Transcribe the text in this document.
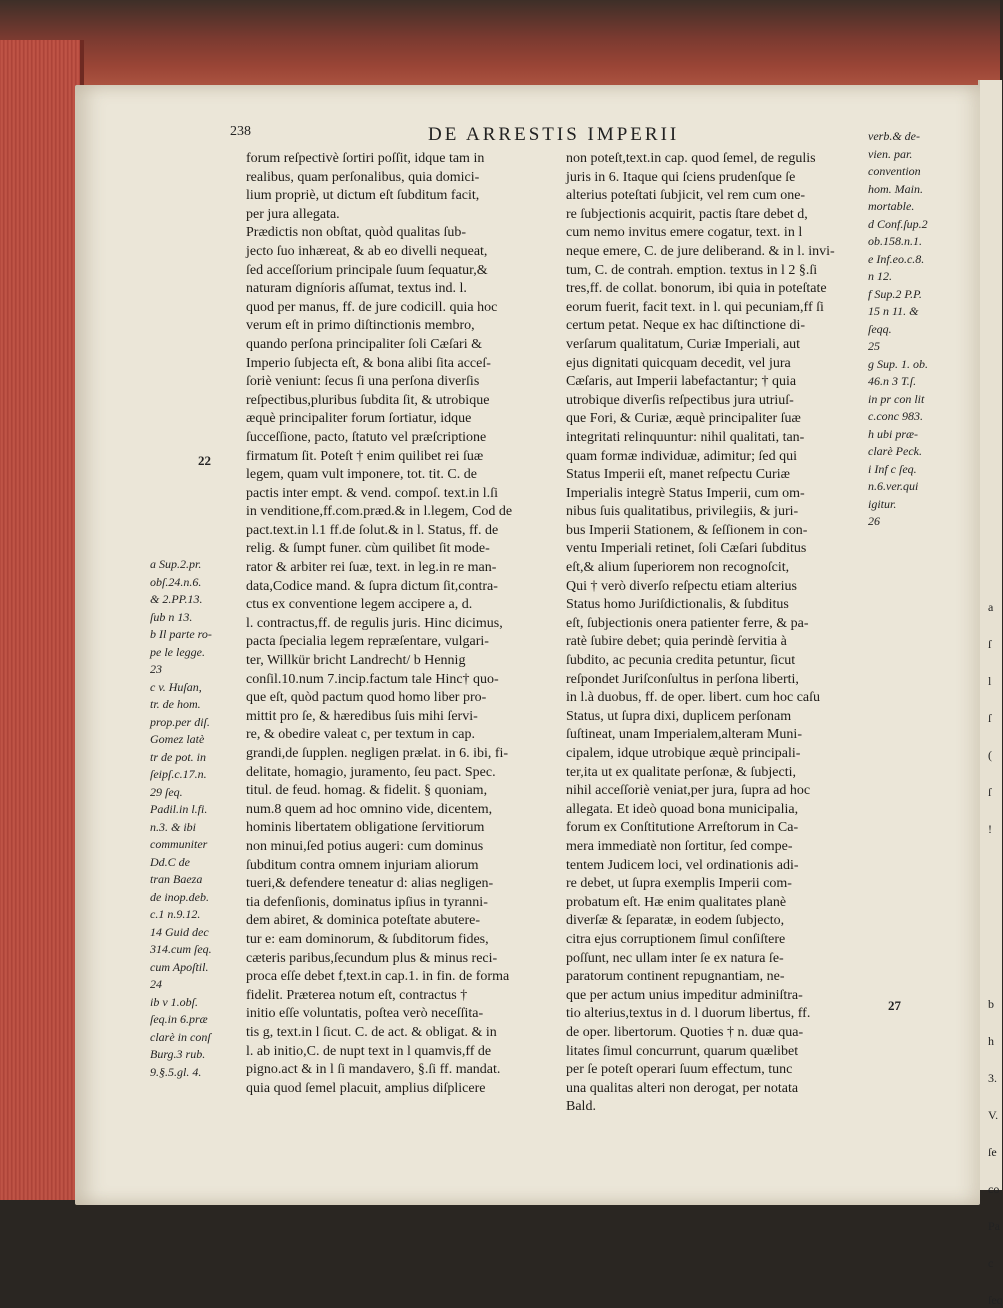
a
ſ
l
ſ
(
ſ
!
b
h
3.
V.
ſe
co
Pa
c
ſeq
238	DE ARRESTIS IMPERII
forum reſpectivè ſortiri poſſit, idque tam in
realibus, quam perſonalibus, quia domici-
lium propriè, ut dictum eſt ſubditum facit,
per jura allegata.
Prædictis non obſtat, quòd qualitas ſub-
jecto ſuo inhæreat, & ab eo divelli nequeat,
ſed acceſſorium principale ſuum ſequatur,&
naturam digníoris aſſumat, textus ind. l.
quod per manus, ff. de jure codicill. quia hoc
verum eſt in primo diſtinctionis membro,
quando perſona principaliter ſoli Cæſari &
Imperio ſubjecta eſt, & bona alibi ſita acceſ-
ſoriè veniunt: ſecus ſi una perſona diverſis
reſpectibus,pluribus ſubdita ſit, & utrobique
æquè principaliter forum ſortiatur, idque
ſucceſſione, pacto, ſtatuto vel præſcriptione
firmatum ſit. Poteſt † enim quilibet rei ſuæ
legem, quam vult imponere, tot. tit. C. de
pactis inter empt. & vend. compoſ. text.in l.ſi
in venditione,ff.com.præd.& in l.legem, Cod de
pact.text.in l.1 ff.de ſolut.& in l. Status, ff. de
relig. & ſumpt funer. cùm quilibet ſit mode-
rator & arbiter rei ſuæ, text. in leg.in re man-
data,Codice mand. & ſupra dictum ſit,contra-
ctus ex conventione legem accipere a, d.
l. contractus,ff. de regulis juris. Hinc dicimus,
pacta ſpecialia legem repræſentare, vulgari-
ter, Willkür bricht Landrecht/ b Hennig
conſil.10.num 7.incip.factum tale Hinc† quo-
que eſt, quòd pactum quod homo liber pro-
mittit pro ſe, & hæredibus ſuis mihi ſervi-
re, & obedire valeat c, per textum in cap.
grandi,de ſupplen. negligen prælat. in 6. ibi, fi-
delitate, homagio, juramento, ſeu pact. Spec.
titul. de feud. homag. & fidelit. § quoniam,
num.8 quem ad hoc omnino vide, dicentem,
hominis libertatem obligatione ſervitiorum
non minui,ſed potius augeri: cum dominus
ſubditum contra omnem injuriam aliorum
tueri,& defendere teneatur d: alias negligen-
tia defenſionis, dominatus ipſius in tyranni-
dem abiret, & dominica poteſtate abutere-
tur e: eam dominorum, & ſubditorum fides,
cæteris paribus,ſecundum plus & minus reci-
proca eſſe debet f,text.in cap.1. in fin. de forma
fidelit. Præterea notum eſt, contractus †
initio eſſe voluntatis, poſtea verò neceſſita-
tis g, text.in l ſicut. C. de act. & obligat. & in
l. ab initio,C. de nupt text in l quamvis,ff de
pigno.act & in l ſi mandavero, §.ſi ff. mandat.
quia quod ſemel placuit, amplius diſplicere
non poteſt,text.in cap. quod ſemel, de regulis
juris in 6. Itaque qui ſciens prudenſque ſe
alterius poteſtati ſubjicit, vel rem cum one-
re ſubjectionis acquirit, pactis ſtare debet d,
cum nemo invitus emere cogatur, text. in l
neque emere, C. de jure deliberand. & in l. invi-
tum, C. de contrah. emption. textus in l 2 §.ſi
tres,ff. de collat. bonorum, ibi quia in poteſtate
eorum fuerit, facit text. in l. qui pecuniam,ff ſi
certum petat. Neque ex hac diſtinctione di-
verſarum qualitatum, Curiæ Imperiali, aut
ejus dignitati quicquam decedit, vel jura
Cæſaris, aut Imperii labefactantur; † quia
utrobique diverſis reſpectibus jura utriuſ-
que Fori, & Curiæ, æquè principaliter ſuæ
integritati relinquuntur: nihil qualitati, tan-
quam formæ individuæ, adimitur; ſed qui
Status Imperii eſt, manet reſpectu Curiæ
Imperialis integrè Status Imperii, cum om-
nibus ſuis qualitatibus, privilegiis, & juri-
bus Imperii Stationem, & ſeſſionem in con-
ventu Imperiali retinet, ſoli Cæſari ſubditus
eſt,& alium ſuperiorem non recognoſcit,
Qui † verò diverſo reſpectu etiam alterius
Status homo Juriſdictionalis, & ſubditus
eſt, ſubjectionis onera patienter ferre, & pa-
ratè ſubire debet; quia perindè ſervitia à
ſubdito, ac pecunia credita petuntur, ſicut
reſpondet Juriſconſultus in perſona liberti,
in l.à duobus, ff. de oper. libert. cum hoc caſu
Status, ut ſupra dixi, duplicem perſonam
ſuſtineat, unam Imperialem,alteram Muni-
cipalem, idque utrobique æquè principali-
ter,ita ut ex qualitate perſonæ, & ſubjecti,
nihil acceſſoriè veniat,per jura, ſupra ad hoc
allegata. Et ideò quoad bona municipalia,
forum ex Conſtitutione Arreſtorum in Ca-
mera immediatè non ſortitur, ſed compe-
tentem Judicem loci, vel ordinationis adi-
re debet, ut ſupra exemplis Imperii com-
probatum eſt. Hæ enim qualitates planè
diverſæ & ſeparatæ, in eodem ſubjecto,
citra ejus corruptionem ſimul conſiſtere
poſſunt, nec ullam inter ſe ex natura ſe-
paratorum continent repugnantiam, ne-
que per actum unius impeditur adminiſtra-
tio alterius,textus in d. l duorum libertus, ff.
de oper. libertorum. Quoties † n. duæ qua-
litates ſimul concurrunt, quarum quælibet
per ſe poteſt operari ſuum effectum, tunc
una qualitas alteri non derogat, per notata
Bald.
a Sup.2.pr.
obſ.24.n.6.
& 2.PP.13.
ſub n 13.
b Il parte ro-
pe le legge.
23
c v. Huſan,
tr. de hom.
prop.per diſ.
Gomez latè
tr de pot. in
ſeipſ.c.17.n.
29 ſeq.
Padil.in l.fi.
n.3. & ibi
communiter
Dd.C de
tran Baeza
de inop.deb.
c.1 n.9.12.
14 Guid dec
314.cum ſeq.
cum Apoſtil.
24
ib v 1.obſ.
ſeq.in 6.præ
clarè in conſ
Burg.3 rub.
9.§.5.gl. 4.
verb.& de-
vien. par.
convention
hom. Main.
mortable.
d Conf.ſup.2
ob.158.n.1.
e Inf.eo.c.8.
n 12.
f Sup.2 P.P.
15 n 11. &
ſeqq.
25
g Sup. 1. ob.
46.n 3 T.ſ.
in pr con lit
c.conc 983.
h ubi præ-
clarè Peck.
i Inf c ſeq.
n.6.ver.qui
igitur.
26
22
27
